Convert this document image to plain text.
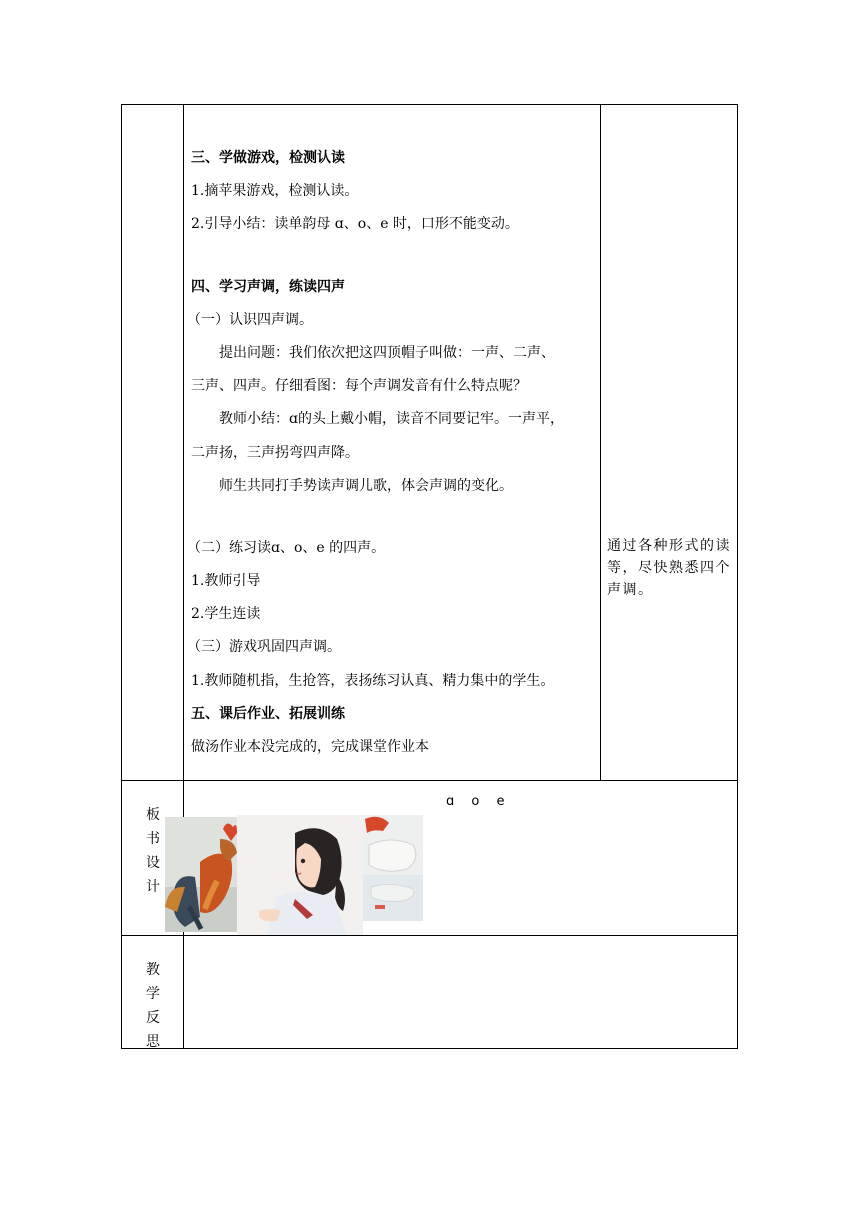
三、学做游戏，检测认读

1.摘苹果游戏，检测认读。

2.引导小结：读单韵母 ɑ、o、e 时，口形不能变动。

四、学习声调，练读四声

（一）认识四声调。

提出问题：我们依次把这四顶帽子叫做：一声、二声、

三声、四声。仔细看图：每个声调发音有什么特点呢？

教师小结：ɑ的头上戴小帽，读音不同要记牢。一声平，

二声扬，三声拐弯四声降。

师生共同打手势读声调儿歌，体会声调的变化。

（二）练习读ɑ、o、e 的四声。

1.教师引导

2.学生连读

（三）游戏巩固四声调。

1.教师随机指，生抢答，表扬练习认真、精力集中的学生。

五、课后作业、拓展训练

做汤作业本没完成的，完成课堂作业本

通过各种形式的读等，尽快熟悉四个声调。
板
书
设
计
ɑ o e
教
学
反
思
